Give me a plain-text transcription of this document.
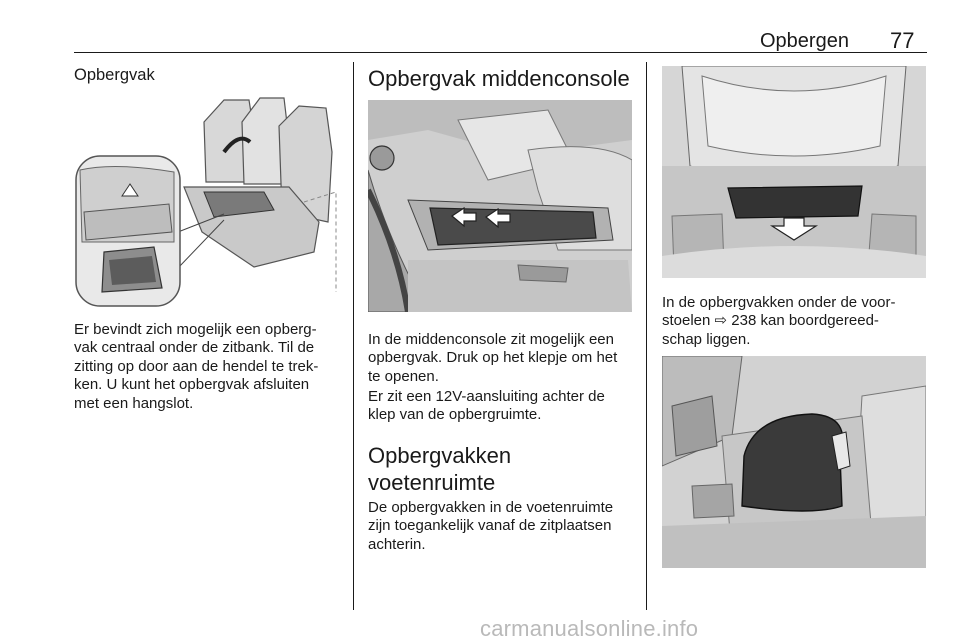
Opbergen 77
Opbergvak

Er bevindt zich mogelijk een opberg-
vak centraal onder de zitbank. Til de
zitting op door aan de hendel te trek-
ken. U kunt het opbergvak afsluiten
met een hangslot.

Opbergvak middenconsole

In de middenconsole zit mogelijk een
opbergvak. Druk op het klepje om het
te openen.

Er zit een 12V-aansluiting achter de
klep van de opbergruimte.

Opbergvakken
voetenruimte

De opbergvakken in de voetenruimte
zijn toegankelijk vanaf de zitplaatsen
achterin.

In de opbergvakken onder de voor-
stoelen ⇨ 238 kan boordgereed-
schap liggen.

carmanualsonline.info
